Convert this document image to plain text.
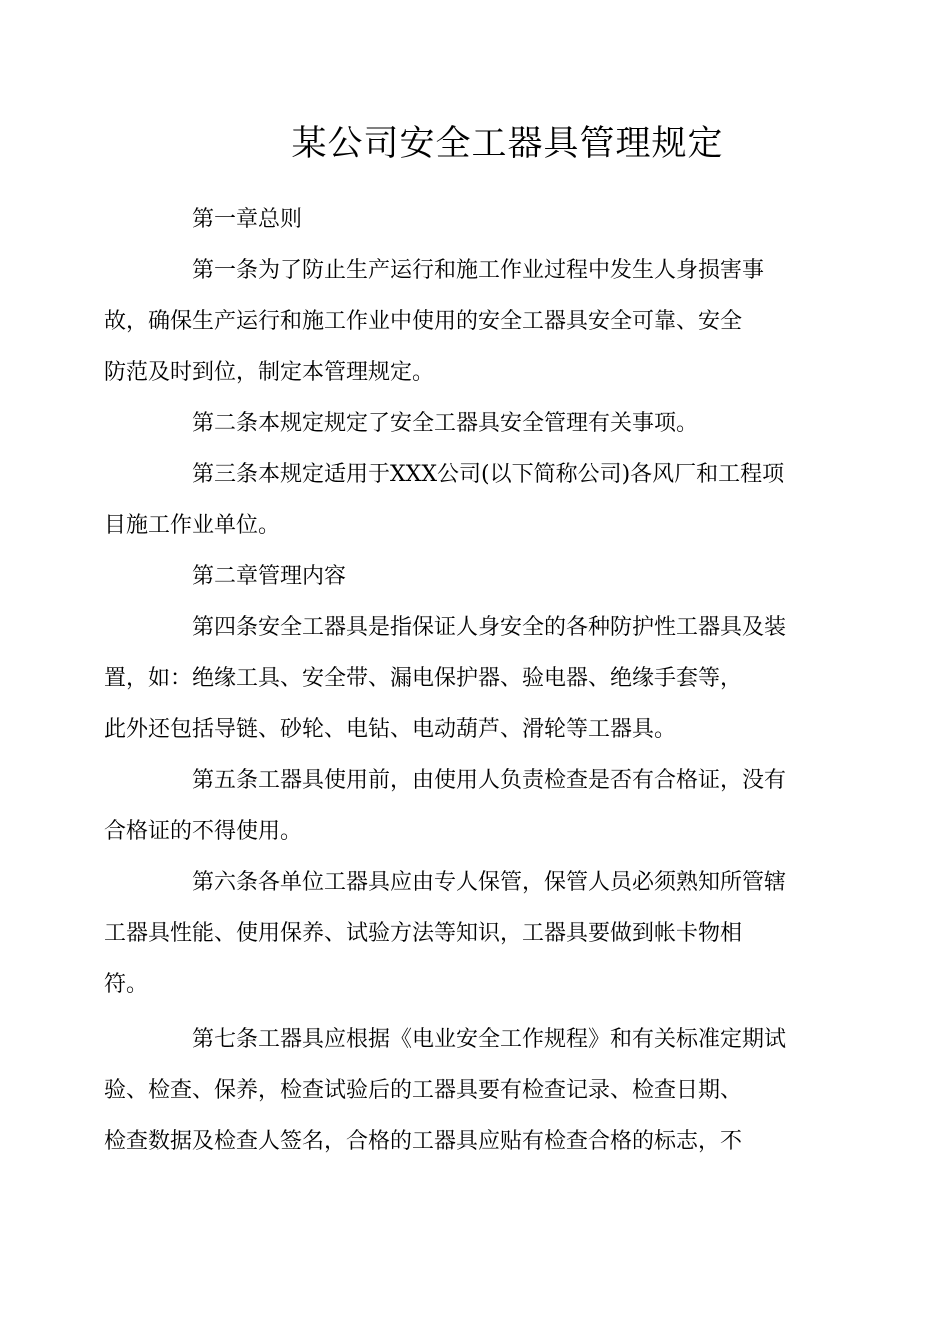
某公司安全工器具管理规定

第一章总则

第一条为了防止生产运行和施工作业过程中发生人身损害事
故，确保生产运行和施工作业中使用的安全工器具安全可靠、安全
防范及时到位，制定本管理规定。

第二条本规定规定了安全工器具安全管理有关事项。

第三条本规定适用于XXX公司(以下简称公司)各风厂和工程项
目施工作业单位。

第二章管理内容

第四条安全工器具是指保证人身安全的各种防护性工器具及装
置，如：绝缘工具、安全带、漏电保护器、验电器、绝缘手套等，
此外还包括导链、砂轮、电钻、电动葫芦、滑轮等工器具。

第五条工器具使用前，由使用人负责检查是否有合格证，没有
合格证的不得使用。

第六条各单位工器具应由专人保管，保管人员必须熟知所管辖
工器具性能、使用保养、试验方法等知识，工器具要做到帐卡物相
符。

第七条工器具应根据《电业安全工作规程》和有关标准定期试
验、检查、保养，检查试验后的工器具要有检查记录、检查日期、
检查数据及检查人签名，合格的工器具应贴有检查合格的标志，不
